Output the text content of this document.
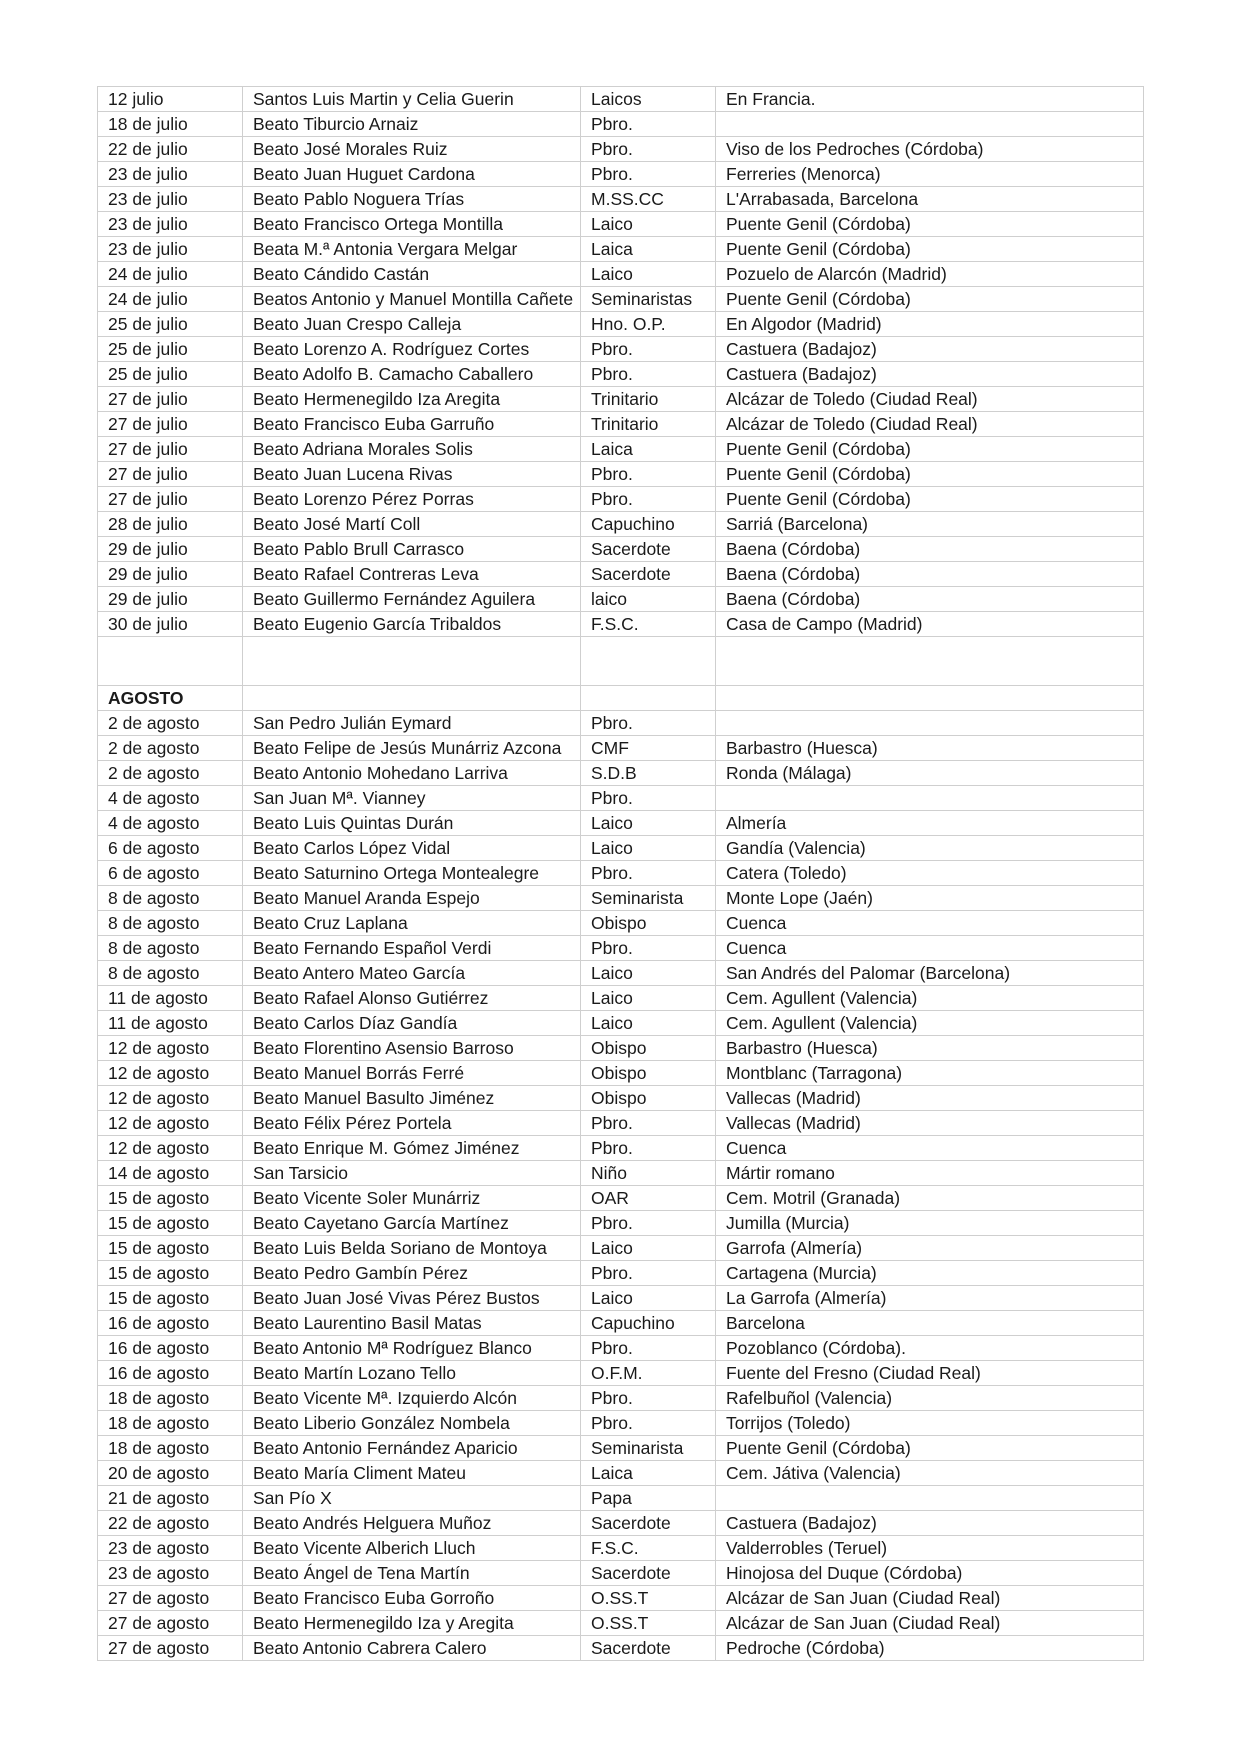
12 julio	Santos Luis Martin y Celia Guerin	Laicos	En Francia.
18 de julio	Beato Tiburcio Arnaiz	Pbro.	
22 de julio	Beato José Morales Ruiz	Pbro.	Viso de los Pedroches (Córdoba)
23 de julio	Beato Juan Huguet Cardona	Pbro.	Ferreries (Menorca)
23 de julio	Beato Pablo Noguera Trías	M.SS.CC	L'Arrabasada, Barcelona
23 de julio	Beato Francisco Ortega Montilla	Laico	Puente Genil (Córdoba)
23 de julio	Beata M.ª Antonia Vergara Melgar	Laica	Puente Genil (Córdoba)
24 de julio	Beato Cándido Castán	Laico	Pozuelo de Alarcón (Madrid)
24 de julio	Beatos Antonio y Manuel Montilla Cañete	Seminaristas	Puente Genil (Córdoba)
25 de julio	Beato Juan Crespo Calleja	Hno. O.P.	En Algodor (Madrid)
25 de julio	Beato Lorenzo A. Rodríguez Cortes	Pbro.	Castuera (Badajoz)
25 de julio	Beato Adolfo B. Camacho Caballero	Pbro.	Castuera (Badajoz)
27 de julio	Beato Hermenegildo Iza Aregita	Trinitario	Alcázar de Toledo (Ciudad Real)
27 de julio	Beato Francisco Euba Garruño	Trinitario	Alcázar de Toledo (Ciudad Real)
27 de julio	Beato Adriana Morales Solis	Laica	Puente Genil (Córdoba)
27 de julio	Beato Juan Lucena Rivas	Pbro.	Puente Genil (Córdoba)
27 de julio	Beato Lorenzo Pérez Porras	Pbro.	Puente Genil (Córdoba)
28 de julio	Beato José Martí Coll	Capuchino	Sarriá (Barcelona)
29 de julio	Beato Pablo Brull Carrasco	Sacerdote	Baena (Córdoba)
29 de julio	Beato Rafael Contreras Leva	Sacerdote	Baena (Córdoba)
29 de julio	Beato Guillermo Fernández Aguilera	laico	Baena (Córdoba)
30 de julio	Beato Eugenio García Tribaldos	F.S.C.	Casa de Campo (Madrid)

AGOSTO			
2 de agosto	San Pedro Julián Eymard	Pbro.	
2 de agosto	Beato Felipe de Jesús Munárriz Azcona	CMF	Barbastro (Huesca)
2 de agosto	Beato Antonio Mohedano Larriva	S.D.B	Ronda (Málaga)
4 de agosto	San Juan Mª. Vianney	Pbro.	
4 de agosto	Beato Luis Quintas Durán	Laico	Almería
6 de agosto	Beato Carlos López Vidal	Laico	Gandía (Valencia)
6 de agosto	Beato Saturnino Ortega Montealegre	Pbro.	Catera (Toledo)
8 de agosto	Beato Manuel Aranda Espejo	Seminarista	Monte Lope (Jaén)
8 de agosto	Beato Cruz Laplana	Obispo	Cuenca
8 de agosto	Beato Fernando Español Verdi	Pbro.	Cuenca
8 de agosto	Beato Antero Mateo García	Laico	San Andrés del Palomar (Barcelona)
11 de agosto	Beato Rafael Alonso Gutiérrez	Laico	Cem. Agullent (Valencia)
11 de agosto	Beato Carlos Díaz Gandía	Laico	Cem. Agullent (Valencia)
12 de agosto	Beato Florentino Asensio Barroso	Obispo	Barbastro (Huesca)
12 de agosto	Beato Manuel Borrás Ferré	Obispo	Montblanc (Tarragona)
12 de agosto	Beato Manuel Basulto Jiménez	Obispo	Vallecas (Madrid)
12 de agosto	Beato Félix Pérez Portela	Pbro.	Vallecas (Madrid)
12 de agosto	Beato Enrique M. Gómez Jiménez	Pbro.	Cuenca
14 de agosto	San Tarsicio	Niño	Mártir romano
15 de agosto	Beato Vicente Soler Munárriz	OAR	Cem. Motril (Granada)
15 de agosto	Beato Cayetano García Martínez	Pbro.	Jumilla (Murcia)
15 de agosto	Beato Luis Belda Soriano de Montoya	Laico	Garrofa (Almería)
15 de agosto	Beato Pedro Gambín Pérez	Pbro.	Cartagena (Murcia)
15 de agosto	Beato Juan José Vivas Pérez Bustos	Laico	La Garrofa (Almería)
16 de agosto	Beato Laurentino Basil Matas	Capuchino	Barcelona
16 de agosto	Beato Antonio Mª Rodríguez Blanco	Pbro.	Pozoblanco (Córdoba).
16 de agosto	Beato Martín Lozano Tello	O.F.M.	Fuente del Fresno (Ciudad Real)
18 de agosto	Beato Vicente Mª. Izquierdo Alcón	Pbro.	Rafelbuñol (Valencia)
18 de agosto	Beato Liberio González Nombela	Pbro.	Torrijos (Toledo)
18 de agosto	Beato Antonio Fernández Aparicio	Seminarista	Puente Genil (Córdoba)
20 de agosto	Beato María Climent Mateu	Laica	Cem. Játiva (Valencia)
21 de agosto	San Pío X	Papa	
22 de agosto	Beato Andrés Helguera Muñoz	Sacerdote	Castuera (Badajoz)
23 de agosto	Beato Vicente Alberich Lluch	F.S.C.	Valderrobles (Teruel)
23 de agosto	Beato Ángel de Tena Martín	Sacerdote	Hinojosa del Duque (Córdoba)
27 de agosto	Beato Francisco Euba Gorroño	O.SS.T	Alcázar de San Juan (Ciudad Real)
27 de agosto	Beato Hermenegildo Iza y Aregita	O.SS.T	Alcázar de San Juan (Ciudad Real)
27 de agosto	Beato Antonio Cabrera Calero	Sacerdote	Pedroche (Córdoba)
